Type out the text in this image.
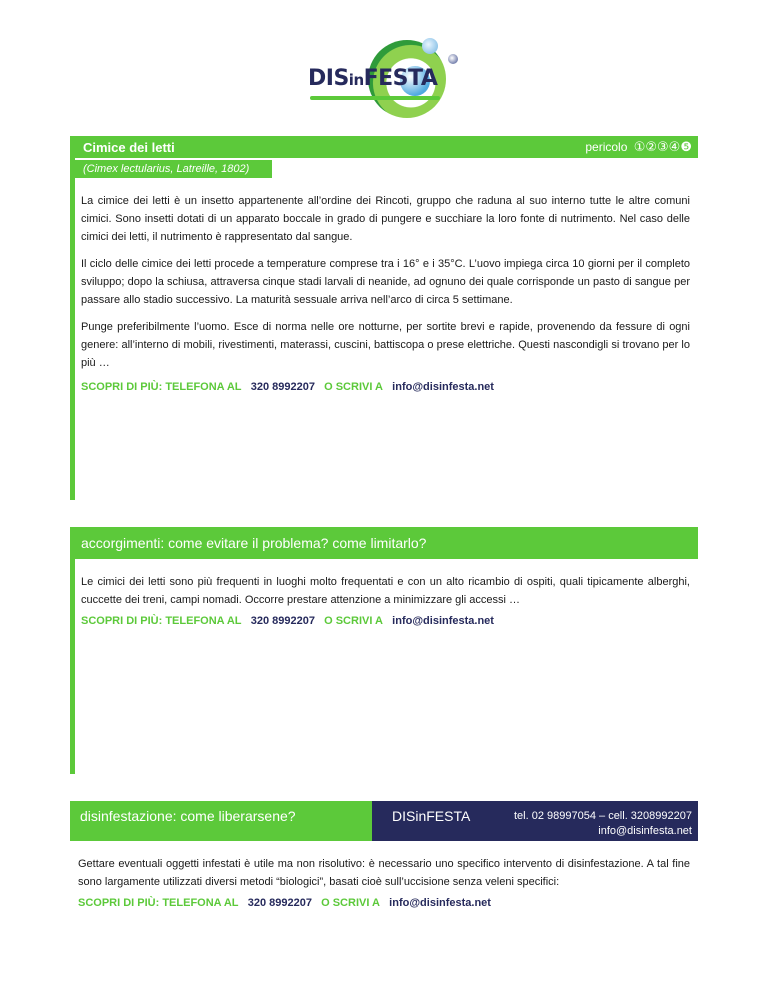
DISinFESTA
Cimice dei letti	pericolo ①②③④❺
(Cimex lectularius, Latreille, 1802)

La cimice dei letti è un insetto appartenente all’ordine dei Rincoti, gruppo che raduna al suo interno tutte le altre comuni cimici. Sono insetti dotati di un apparato boccale in grado di pungere e succhiare la loro fonte di nutrimento. Nel caso delle cimici dei letti, il nutrimento è rappresentato dal sangue.

Il ciclo delle cimice dei letti procede a temperature comprese tra i 16° e i 35°C. L’uovo impiega circa 10 giorni per il completo sviluppo; dopo la schiusa, attraversa cinque stadi larvali di neanide, ad ognuno dei quale corrisponde un pasto di sangue per passare allo stadio successivo. La maturità sessuale arriva nell’arco di circa 5 settimane.

Punge preferibilmente l’uomo. Esce di norma nelle ore notturne, per sortite brevi e rapide, provenendo da fessure di ogni genere: all’interno di mobili, rivestimenti, materassi, cuscini, battiscopa o prese elettriche. Questi nascondigli si trovano per lo più …

SCOPRI DI PIÙ: TELEFONA AL 320 8992207 O SCRIVI A info@disinfesta.net
accorgimenti: come evitare il problema? come limitarlo?

Le cimici dei letti sono più frequenti in luoghi molto frequentati e con un alto ricambio di ospiti, quali tipicamente alberghi, cuccette dei treni, campi nomadi. Occorre prestare attenzione a minimizzare gli accessi …

SCOPRI DI PIÙ: TELEFONA AL 320 8992207 O SCRIVI A info@disinfesta.net
disinfestazione: come liberarsene?	DISinFESTA	tel. 02 98997054 – cell. 3208992207
info@disinfesta.net

Gettare eventuali oggetti infestati è utile ma non risolutivo: è necessario uno specifico intervento di disinfestazione. A tal fine sono largamente utilizzati diversi metodi “biologici”, basati cioè sull’uccisione senza veleni specifici:

SCOPRI DI PIÙ: TELEFONA AL 320 8992207 O SCRIVI A info@disinfesta.net
